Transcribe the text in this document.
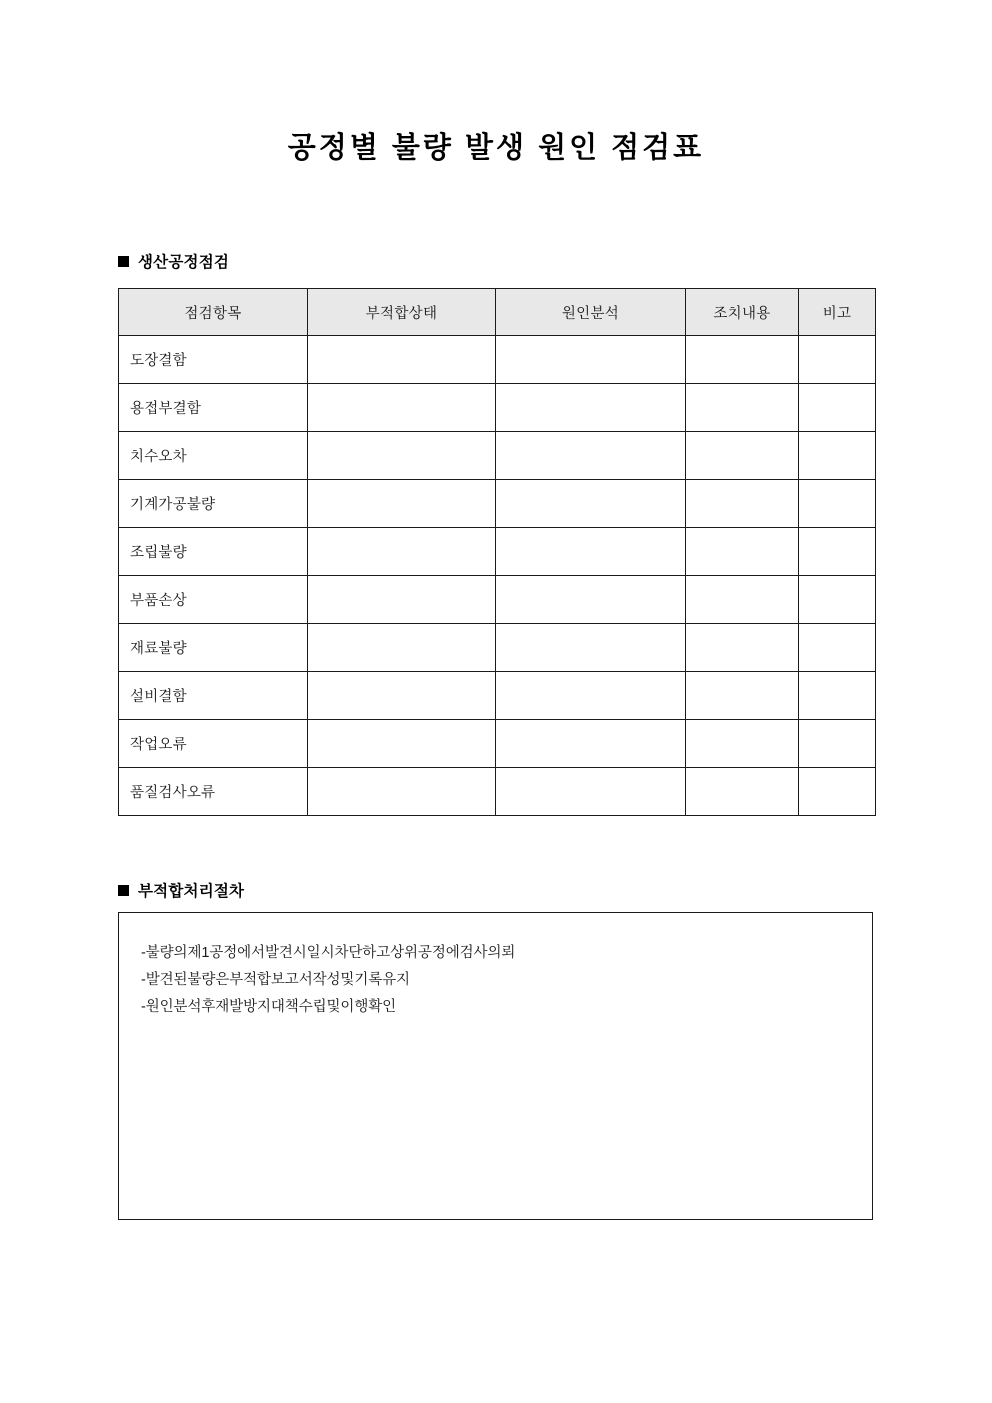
공정별 불량 발생 원인 점검표
생산공정점검
점검항목	부적합상태	원인분석	조치내용	비고
도장결함				
용접부결함				
치수오차				
기계가공불량				
조립불량				
부품손상				
재료불량				
설비결함				
작업오류				
품질검사오류				
부적합처리절차
-불량의제1공정에서발견시일시차단하고상위공정에검사의뢰
-발견된불량은부적합보고서작성및기록유지
-원인분석후재발방지대책수립및이행확인
